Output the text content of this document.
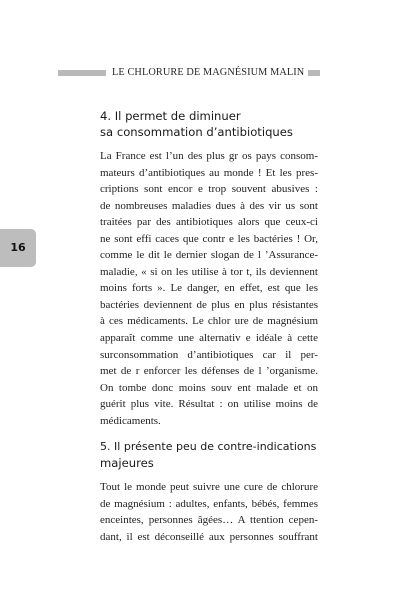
LE CHLORURE DE MAGNÉSIUM MALIN
16
4. Il permet de diminuer
sa consommation d’antibiotiques
La France est l’un des plus gr os pays consom-
mateurs d’antibiotiques au monde ! Et les pres-
criptions sont encor e trop souvent abusives :
de nombreuses maladies dues à des vir us sont
traitées par des antibiotiques alors que ceux-ci
ne sont effi caces que contr e les bactéries ! Or,
comme le dit le dernier slogan de l ’Assurance-
maladie, « si on les utilise à tor t, ils deviennent
moins forts ». Le danger, en effet, est que les
bactéries deviennent de plus en plus résistantes
à ces médicaments. Le chlor ure de magnésium
apparaît comme une alternativ e idéale à cette
surconsommation d’antibiotiques car il per-
met de r enforcer les défenses de l ’organisme.
On tombe donc moins souv ent malade et on
guérit plus vite. Résultat : on utilise moins de
médicaments.
5. Il présente peu de contre-indications
majeures
Tout le monde peut suivre une cure de chlorure
de magnésium : adultes, enfants, bébés, femmes
enceintes, personnes âgées… A ttention cepen-
dant, il est déconseillé aux personnes souffrant
